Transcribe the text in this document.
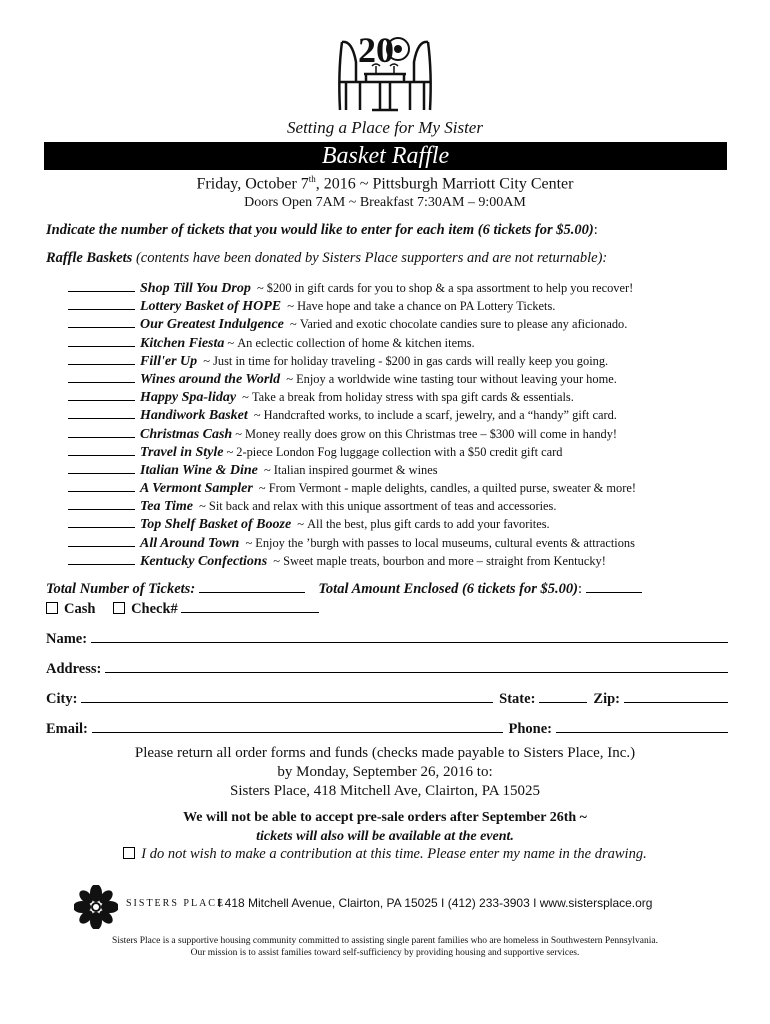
20
Setting a Place for My Sister
Basket Raffle
Friday, October 7th, 2016 ~ Pittsburgh Marriott City Center
Doors Open 7AM ~ Breakfast 7:30AM – 9:00AM
Indicate the number of tickets that you would like to enter for each item (6 tickets for $5.00):
Raffle Baskets (contents have been donated by Sisters Place supporters and are not returnable):
Shop Till You Drop ~ $200 in gift cards for you to shop & a spa assortment to help you recover!
Lottery Basket of HOPE ~ Have hope and take a chance on PA Lottery Tickets.
Our Greatest Indulgence ~ Varied and exotic chocolate candies sure to please any aficionado.
Kitchen Fiesta ~ An eclectic collection of home & kitchen items.
Fill'er Up ~ Just in time for holiday traveling - $200 in gas cards will really keep you going.
Wines around the World ~ Enjoy a worldwide wine tasting tour without leaving your home.
Happy Spa-liday ~ Take a break from holiday stress with spa gift cards & essentials.
Handiwork Basket ~ Handcrafted works, to include a scarf, jewelry, and a “handy” gift card.
Christmas Cash ~ Money really does grow on this Christmas tree – $300 will come in handy!
Travel in Style ~ 2-piece London Fog luggage collection with a $50 credit gift card
Italian Wine & Dine ~ Italian inspired gourmet & wines
A Vermont Sampler ~ From Vermont - maple delights, candles, a quilted purse, sweater & more!
Tea Time ~ Sit back and relax with this unique assortment of teas and accessories.
Top Shelf Basket of Booze ~ All the best, plus gift cards to add your favorites.
All Around Town ~ Enjoy the ’burgh with passes to local museums, cultural events & attractions
Kentucky Confections ~ Sweet maple treats, bourbon and more – straight from Kentucky!
Total Number of Tickets:	Total Amount Enclosed (6 tickets for $5.00):
Cash Check#
Name:
Address:
City:	State:	Zip:
Email:	Phone:
Please return all order forms and funds (checks made payable to Sisters Place, Inc.)
by Monday, September 26, 2016 to:
Sisters Place, 418 Mitchell Ave, Clairton, PA 15025
We will not be able to accept pre-sale orders after September 26th ~
tickets will also will be available at the event.
I do not wish to make a contribution at this time. Please enter my name in the drawing.
SISTERS PLACE
I 418 Mitchell Avenue, Clairton, PA 15025 I (412) 233-3903 I www.sistersplace.org
Sisters Place is a supportive housing community committed to assisting single parent families who are homeless in Southwestern Pennsylvania.
Our mission is to assist families toward self-sufficiency by providing housing and supportive services.
